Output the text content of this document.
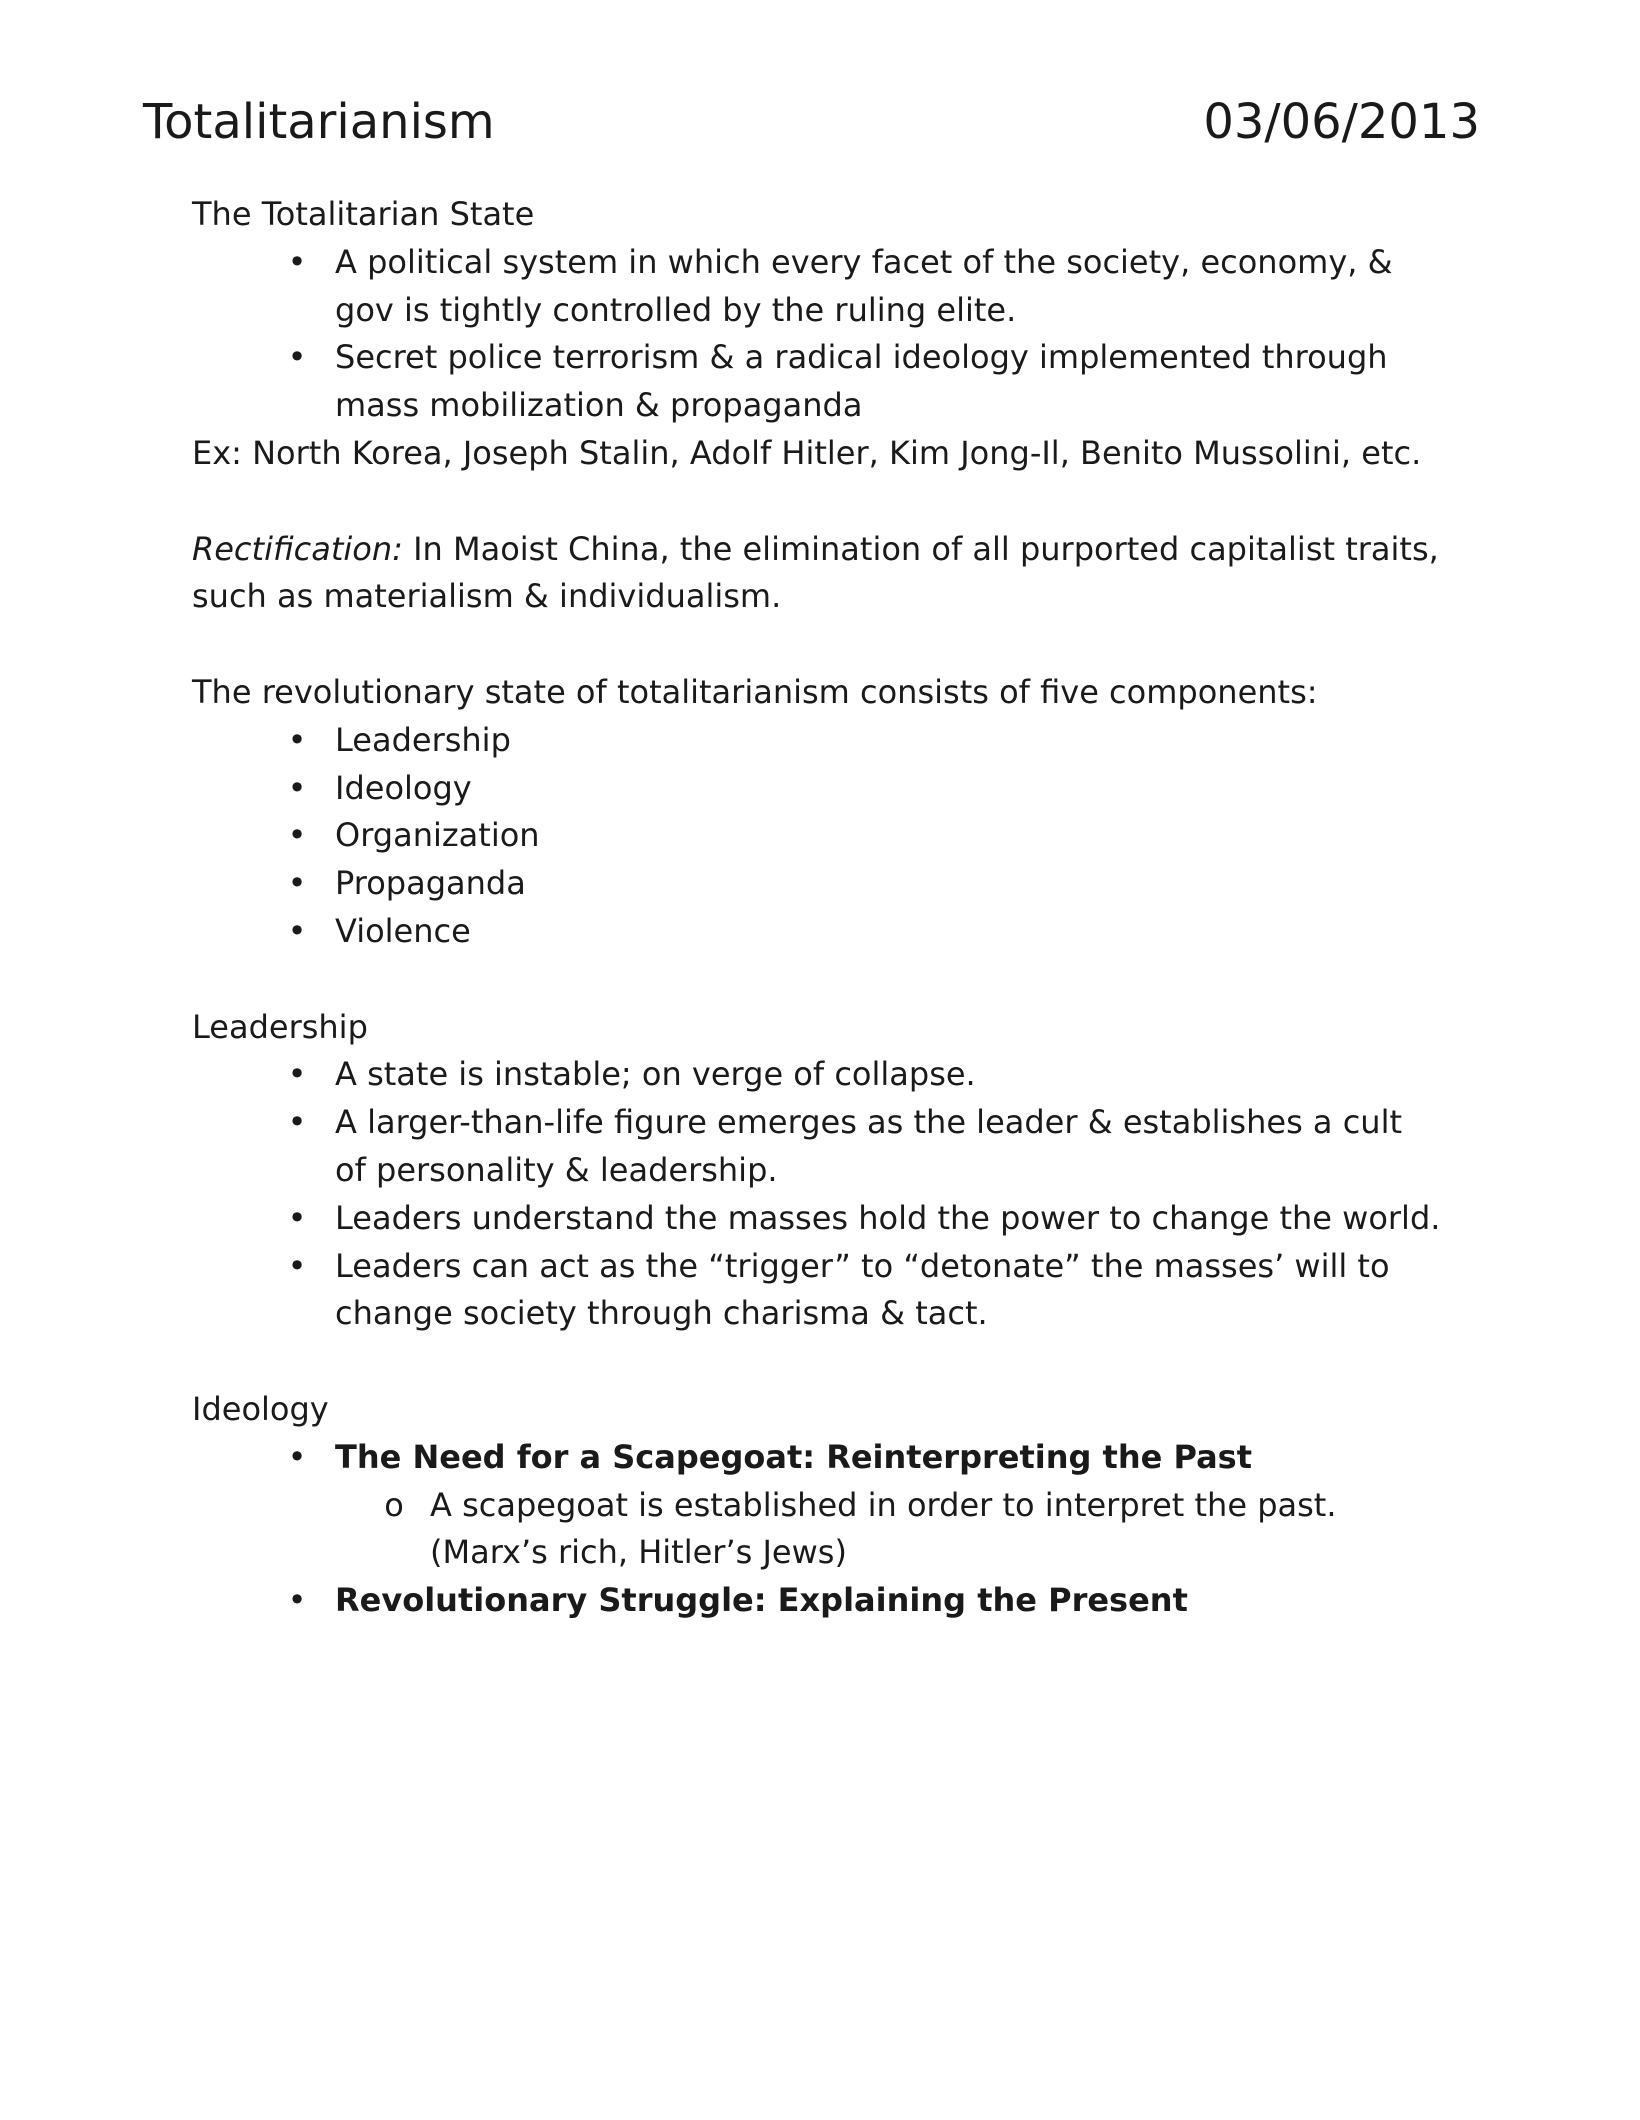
Totalitarianism	03/06/2013

The Totalitarian State

• A political system in which every facet of the society, economy, & gov is tightly controlled by the ruling elite.
• Secret police terrorism & a radical ideology implemented through mass mobilization & propaganda

Ex: North Korea, Joseph Stalin, Adolf Hitler, Kim Jong-Il, Benito Mussolini, etc.

Rectification: In Maoist China, the elimination of all purported capitalist traits, such as materialism & individualism.

The revolutionary state of totalitarianism consists of five components:

• Leadership
• Ideology
• Organization
• Propaganda
• Violence

Leadership

• A state is instable; on verge of collapse.
• A larger-than-life figure emerges as the leader & establishes a cult of personality & leadership.
• Leaders understand the masses hold the power to change the world.
• Leaders can act as the “trigger” to “detonate” the masses’ will to change society through charisma & tact.

Ideology

• The Need for a Scapegoat: Reinterpreting the Past
o A scapegoat is established in order to interpret the past. (Marx’s rich, Hitler’s Jews)
• Revolutionary Struggle: Explaining the Present
